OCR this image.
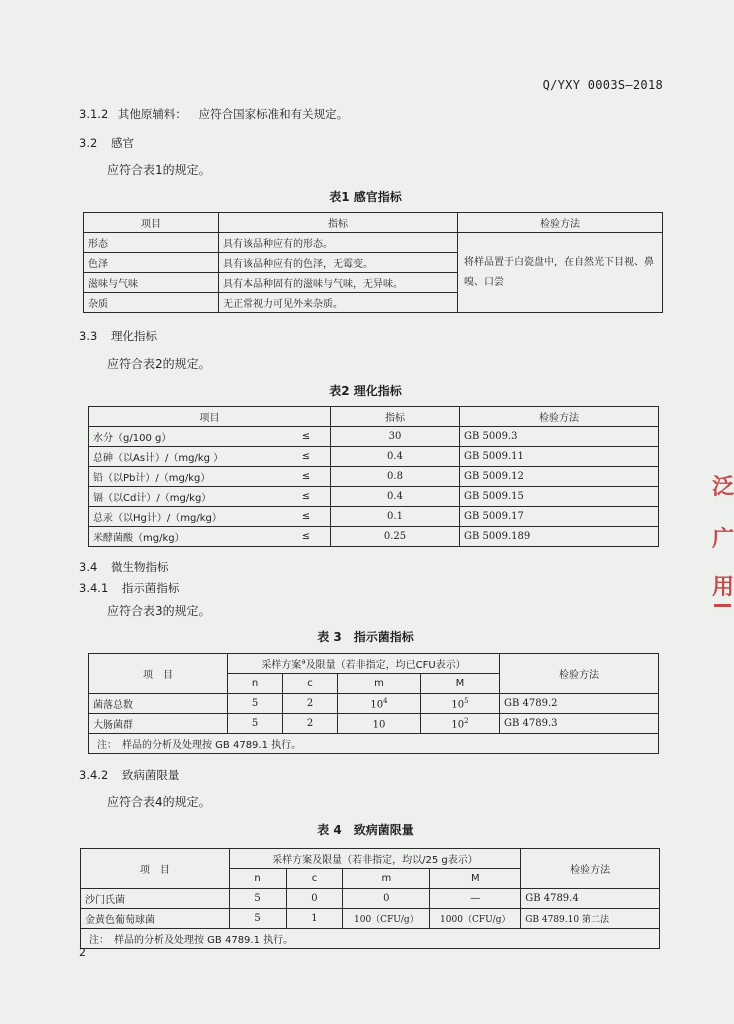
Q/YXY 0003S—2018
3.1.2 其他原辅料： 应符合国家标准和有关规定。
3.2 感官
应符合表1的规定。
表1 感官指标
项目	指标	检验方法
形态	具有该品种应有的形态。	将样品置于白瓷盘中，在自然光下目视、鼻嗅、口尝
色泽	具有该品种应有的色泽，无霉变。	
滋味与气味	具有本品种固有的滋味与气味，无异味。	
杂质	无正常视力可见外来杂质。	
3.3 理化指标
应符合表2的规定。
表2 理化指标
项目		指标	检验方法
水分（g/100 g）	≤	30	GB 5009.3
总砷（以As计）/（mg/kg ）	≤	0.4	GB 5009.11
铅（以Pb计）/（mg/kg）	≤	0.8	GB 5009.12
镉（以Cd计）/（mg/kg）	≤	0.4	GB 5009.15
总汞（以Hg计）/（mg/kg）	≤	0.1	GB 5009.17
米酵菌酸（mg/kg）	≤	0.25	GB 5009.189
3.4 微生物指标
3.4.1 指示菌指标
应符合表3的规定。
表 3　指示菌指标
项　目	采样方案$^a$及限量（若非指定，均已CFU表示）				检验方法
	n	c	m	M	
菌落总数	5	2	$10^4$	$10^5$	GB 4789.2
大肠菌群	5	2	10	$10^2$	GB 4789.3
注：　样品的分析及处理按 GB 4789.1 执行。					
3.4.2 致病菌限量
应符合表4的规定。
表 4　致病菌限量
项　目	采样方案及限量（若非指定，均以/25 g表示）				检验方法
	n	c	m	M	
沙门氏菌	5	0	0	—	GB 4789.4
金黄色葡萄球菌	5	1	100（CFU/g）	1000（CFU/g）	GB 4789.10 第二法
注：　样品的分析及处理按 GB 4789.1 执行。					
2
泛
广
用
